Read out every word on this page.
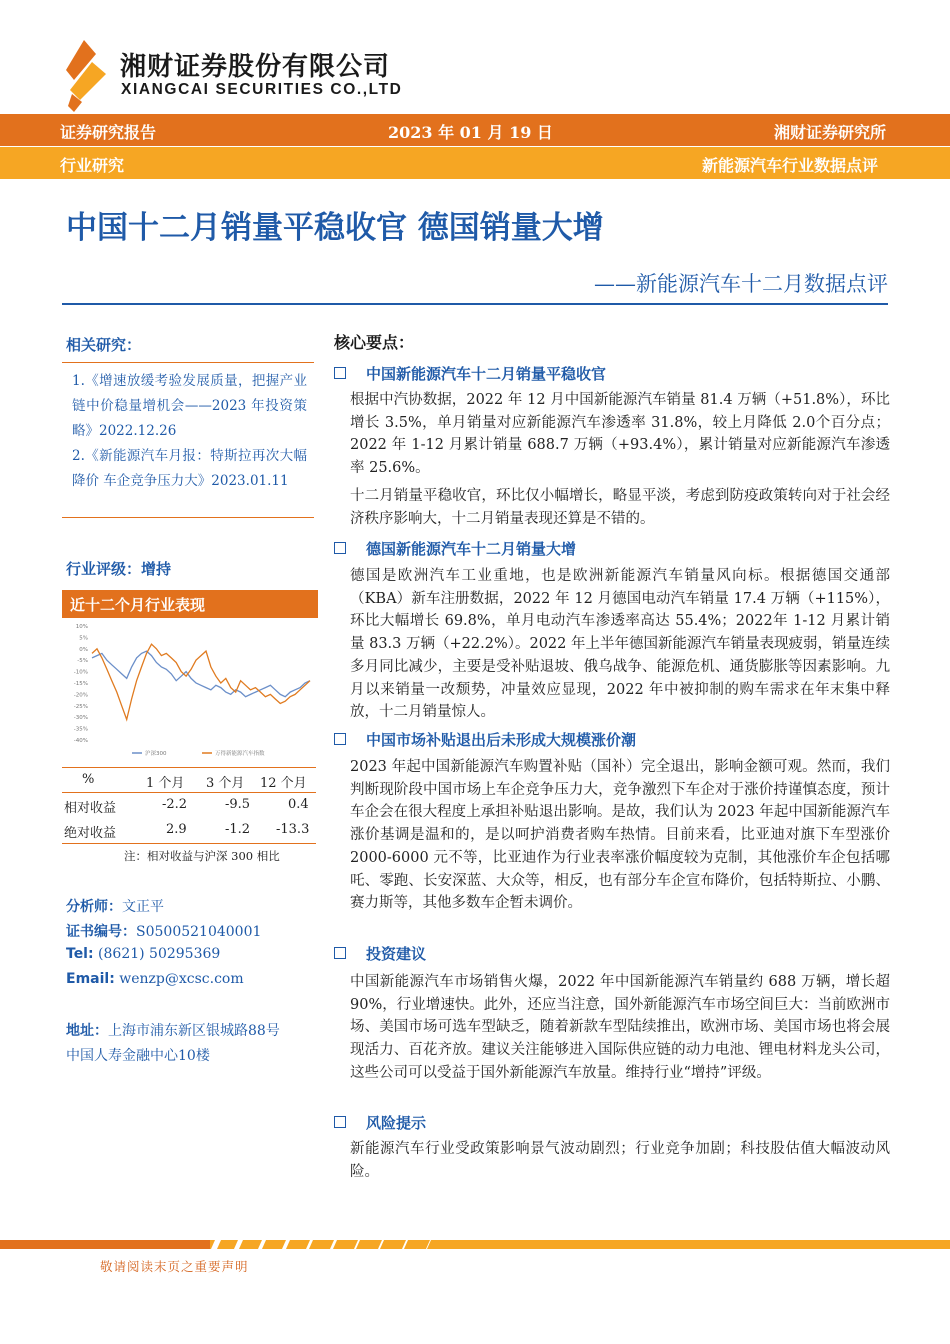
湘财证券股份有限公司
XIANGCAI SECURITIES CO.,LTD
证券研究报告	2023 年 01 月 19 日	湘财证券研究所
行业研究	新能源汽车行业数据点评
中国十二月销量平稳收官 德国销量大增
——新能源汽车十二月数据点评
相关研究：
1.《增速放缓考验发展质量，把握产业链中价稳量增机会——2023 年投资策略》2022.12.26
2.《新能源汽车月报：特斯拉再次大幅降价 车企竞争压力大》2023.01.11
行业评级：增持
近十二个月行业表现
10%
5%
0%
-5%
-10%
-15%
-20%
-25%
-30%
-35%
-40%
沪深300	万得新能源汽车指数
%	1 个月 3 个月 12 个月
相对收益	-2.2	-9.5	0.4
绝对收益	2.9	-1.2 -13.3
注：相对收益与沪深 300 相比
分析师：文正平
证书编号：S0500521040001
Tel: (8621) 50295369
Email: wenzp@xcsc.com
地址：上海市浦东新区银城路88号
中国人寿金融中心10楼
核心要点：
中国新能源汽车十二月销量平稳收官
根据中汽协数据，2022 年 12 月中国新能源汽车销量 81.4 万辆（+51.8%），环比增长 3.5%，单月销量对应新能源汽车渗透率 31.8%，较上月降低 2.0个百分点；2022 年 1-12 月累计销量 688.7 万辆（+93.4%），累计销量对应新能源汽车渗透率 25.6%。
十二月销量平稳收官，环比仅小幅增长，略显平淡，考虑到防疫政策转向对于社会经济秩序影响大，十二月销量表现还算是不错的。
德国新能源汽车十二月销量大增
德国是欧洲汽车工业重地，也是欧洲新能源汽车销量风向标。根据德国交通部（KBA）新车注册数据，2022 年 12 月德国电动汽车销量 17.4 万辆（+115%），环比大幅增长 69.8%，单月电动汽车渗透率高达 55.4%；2022年 1-12 月累计销量 83.3 万辆（+22.2%）。2022 年上半年德国新能源汽车销量表现疲弱，销量连续多月同比减少，主要是受补贴退坡、俄乌战争、能源危机、通货膨胀等因素影响。九月以来销量一改颓势，冲量效应显现，2022 年中被抑制的购车需求在年末集中释放，十二月销量惊人。
中国市场补贴退出后未形成大规模涨价潮
2023 年起中国新能源汽车购置补贴（国补）完全退出，影响金额可观。然而，我们判断现阶段中国市场上车企竞争压力大，竞争激烈下车企对于涨价持谨慎态度，预计车企会在很大程度上承担补贴退出影响。是故，我们认为 2023 年起中国新能源汽车涨价基调是温和的，是以呵护消费者购车热情。目前来看，比亚迪对旗下车型涨价 2000-6000 元不等，比亚迪作为行业表率涨价幅度较为克制，其他涨价车企包括哪吒、零跑、长安深蓝、大众等，相反，也有部分车企宣布降价，包括特斯拉、小鹏、赛力斯等，其他多数车企暂未调价。
投资建议
中国新能源汽车市场销售火爆，2022 年中国新能源汽车销量约 688 万辆，增长超 90%，行业增速快。此外，还应当注意，国外新能源汽车市场空间巨大：当前欧洲市场、美国市场可选车型缺乏，随着新款车型陆续推出，欧洲市场、美国市场也将会展现活力、百花齐放。建议关注能够进入国际供应链的动力电池、锂电材料龙头公司，这些公司可以受益于国外新能源汽车放量。维持行业“增持”评级。
风险提示
新能源汽车行业受政策影响景气波动剧烈；行业竞争加剧；科技股估值大幅波动风险。
敬请阅读末页之重要声明
